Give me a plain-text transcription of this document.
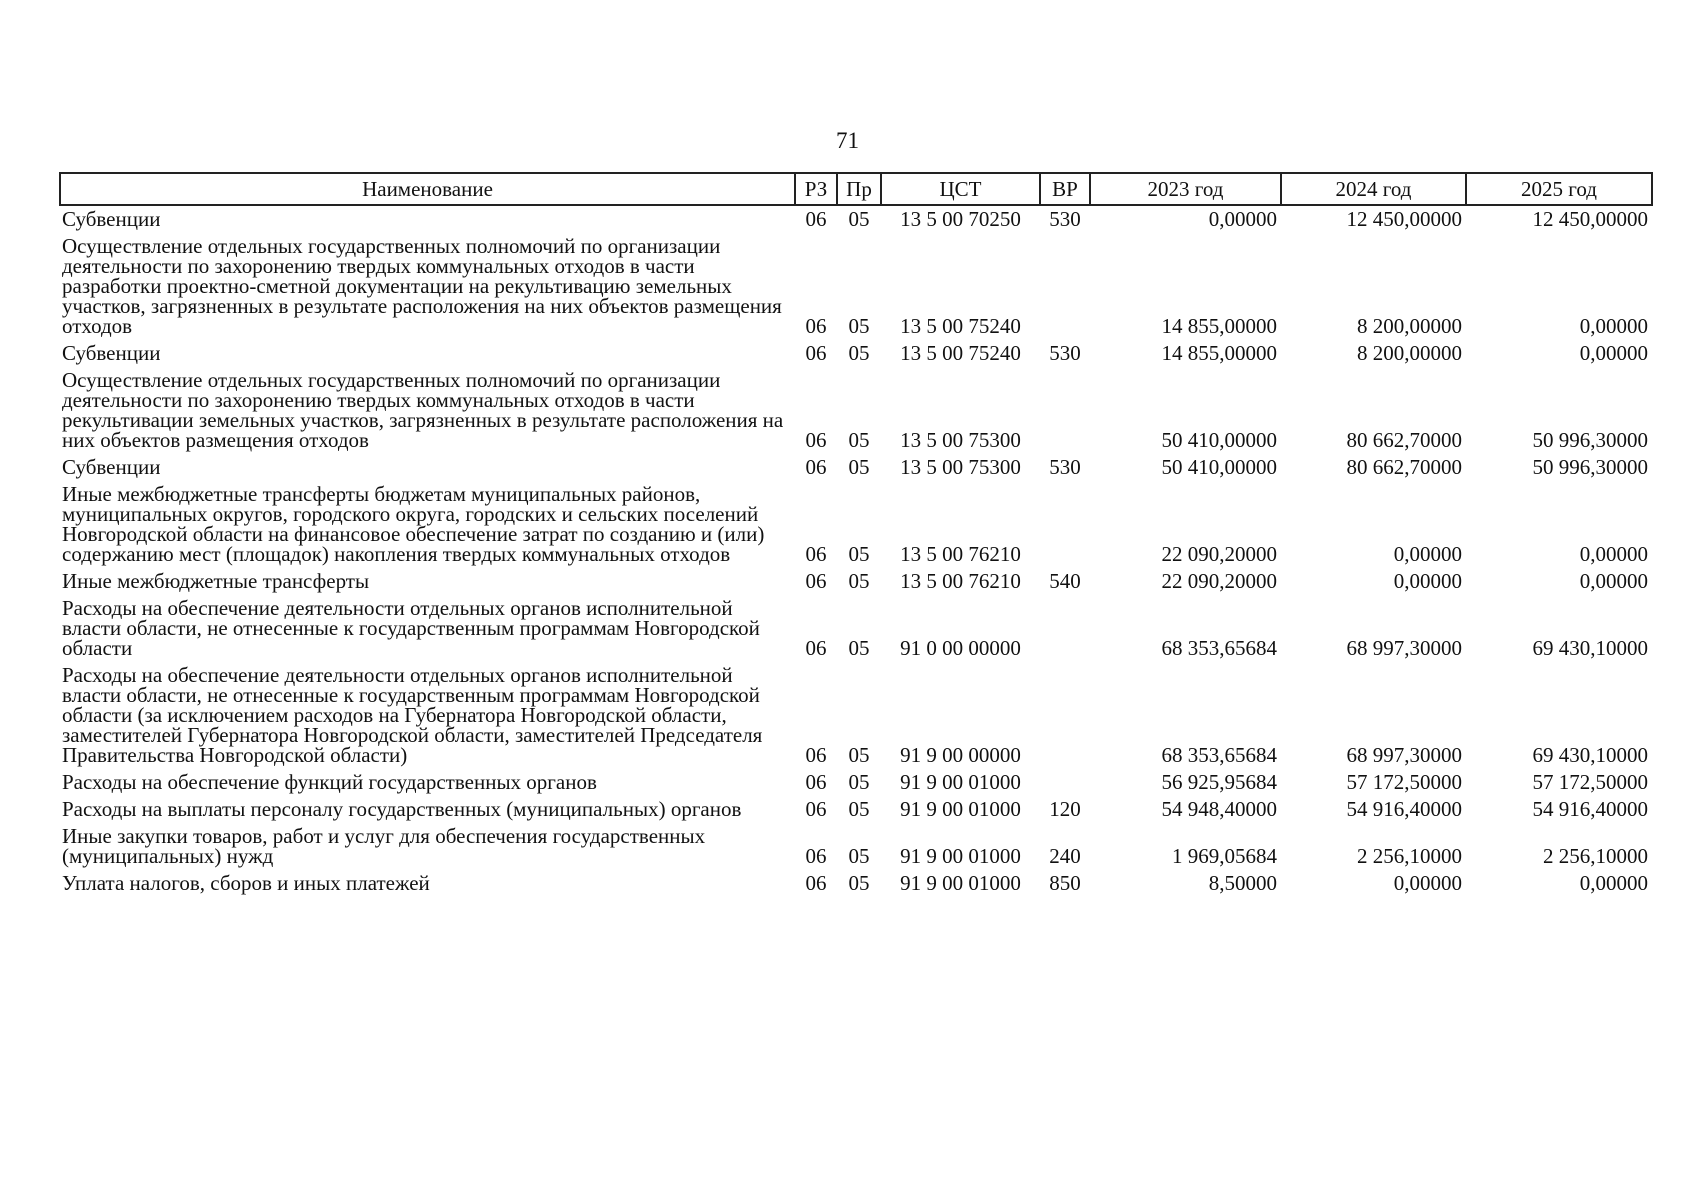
71
Наименование	РЗ	Пр	ЦСТ	ВР	2023 год	2024 год	2025 год
Субвенции	06	05	13 5 00 70250	530	0,00000	12 450,00000	12 450,00000
Осуществление отдельных государственных полномочий по организации деятельности по захоронению твердых коммунальных отходов в части разработки проектно-сметной документации на рекультивацию земельных участков, загрязненных в результате расположения на них объектов размещения отходов	06	05	13 5 00 75240		14 855,00000	8 200,00000	0,00000
Субвенции	06	05	13 5 00 75240	530	14 855,00000	8 200,00000	0,00000
Осуществление отдельных государственных полномочий по организации деятельности по захоронению твердых коммунальных отходов в части рекультивации земельных участков, загрязненных в результате расположения на них объектов размещения отходов	06	05	13 5 00 75300		50 410,00000	80 662,70000	50 996,30000
Субвенции	06	05	13 5 00 75300	530	50 410,00000	80 662,70000	50 996,30000
Иные межбюджетные трансферты бюджетам муниципальных районов, муниципальных округов, городского округа, городских и сельских поселений Новгородской области на финансовое обеспечение затрат по созданию и (или) содержанию мест (площадок) накопления твердых коммунальных отходов	06	05	13 5 00 76210		22 090,20000	0,00000	0,00000
Иные межбюджетные трансферты	06	05	13 5 00 76210	540	22 090,20000	0,00000	0,00000
Расходы на обеспечение деятельности отдельных органов исполнительной власти области, не отнесенные к государственным программам Новгородской области	06	05	91 0 00 00000		68 353,65684	68 997,30000	69 430,10000
Расходы на обеспечение деятельности отдельных органов исполнительной власти области, не отнесенные к государственным программам Новгородской области (за исключением расходов на Губернатора Новгородской области, заместителей Губернатора Новгородской области, заместителей Председателя Правительства Новгородской области)	06	05	91 9 00 00000		68 353,65684	68 997,30000	69 430,10000
Расходы на обеспечение функций государственных органов	06	05	91 9 00 01000		56 925,95684	57 172,50000	57 172,50000
Расходы на выплаты персоналу государственных (муниципальных) органов	06	05	91 9 00 01000	120	54 948,40000	54 916,40000	54 916,40000
Иные закупки товаров, работ и услуг для обеспечения государственных (муниципальных) нужд	06	05	91 9 00 01000	240	1 969,05684	2 256,10000	2 256,10000
Уплата налогов, сборов и иных платежей	06	05	91 9 00 01000	850	8,50000	0,00000	0,00000
